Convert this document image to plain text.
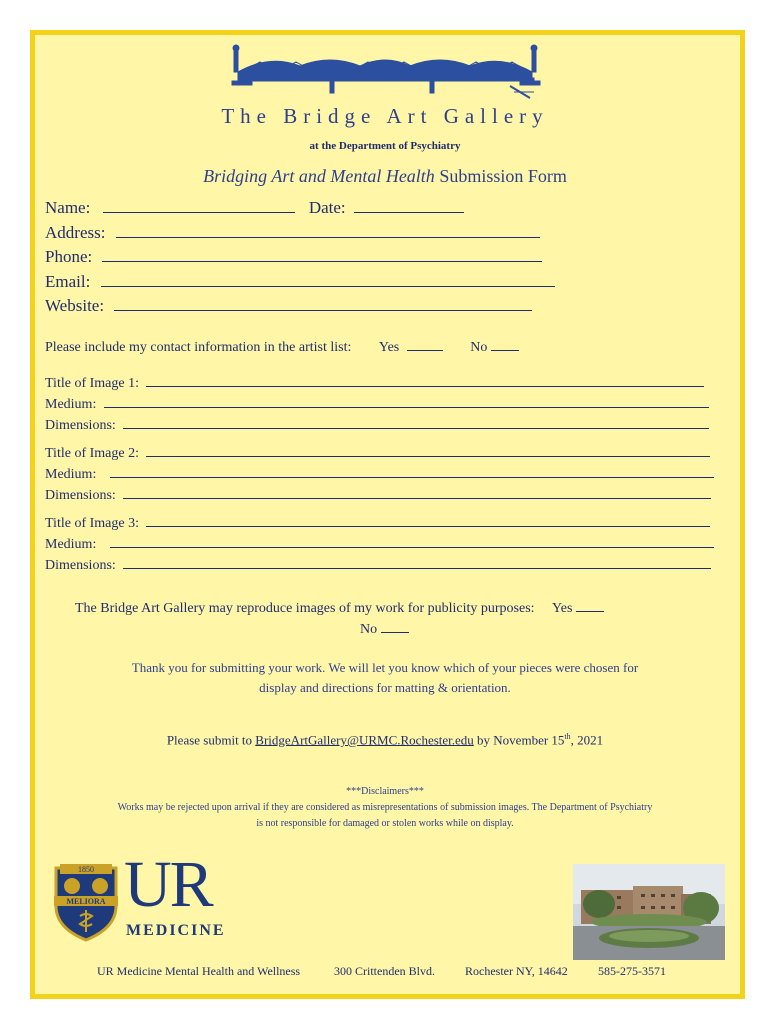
The Bridge Art Gallery
at the Department of Psychiatry
Bridging Art and Mental Health Submission Form
Name:	Date:
Address:
Phone:
Email:
Website:
Please include my contact information in the artist list: Yes	No
Title of Image 1:
Medium:
Dimensions:
Title of Image 2:
Medium:
Dimensions:
Title of Image 3:
Medium:
Dimensions:
The Bridge Art Gallery may reproduce images of my work for publicity purposes: Yes
No
Thank you for submitting your work. We will let you know which of your pieces were chosen for
display and directions for matting & orientation.
Please submit to BridgeArtGallery@URMC.Rochester.edu by November 15th, 2021
***Disclaimers***
Works may be rejected upon arrival if they are considered as misrepresentations of submission images. The Department of Psychiatry
is not responsible for damaged or stolen works while on display.
1850
MELIORA UR
MEDICINE
UR Medicine Mental Health and Wellness	300 Crittenden Blvd.	Rochester NY, 14642	585-275-3571
